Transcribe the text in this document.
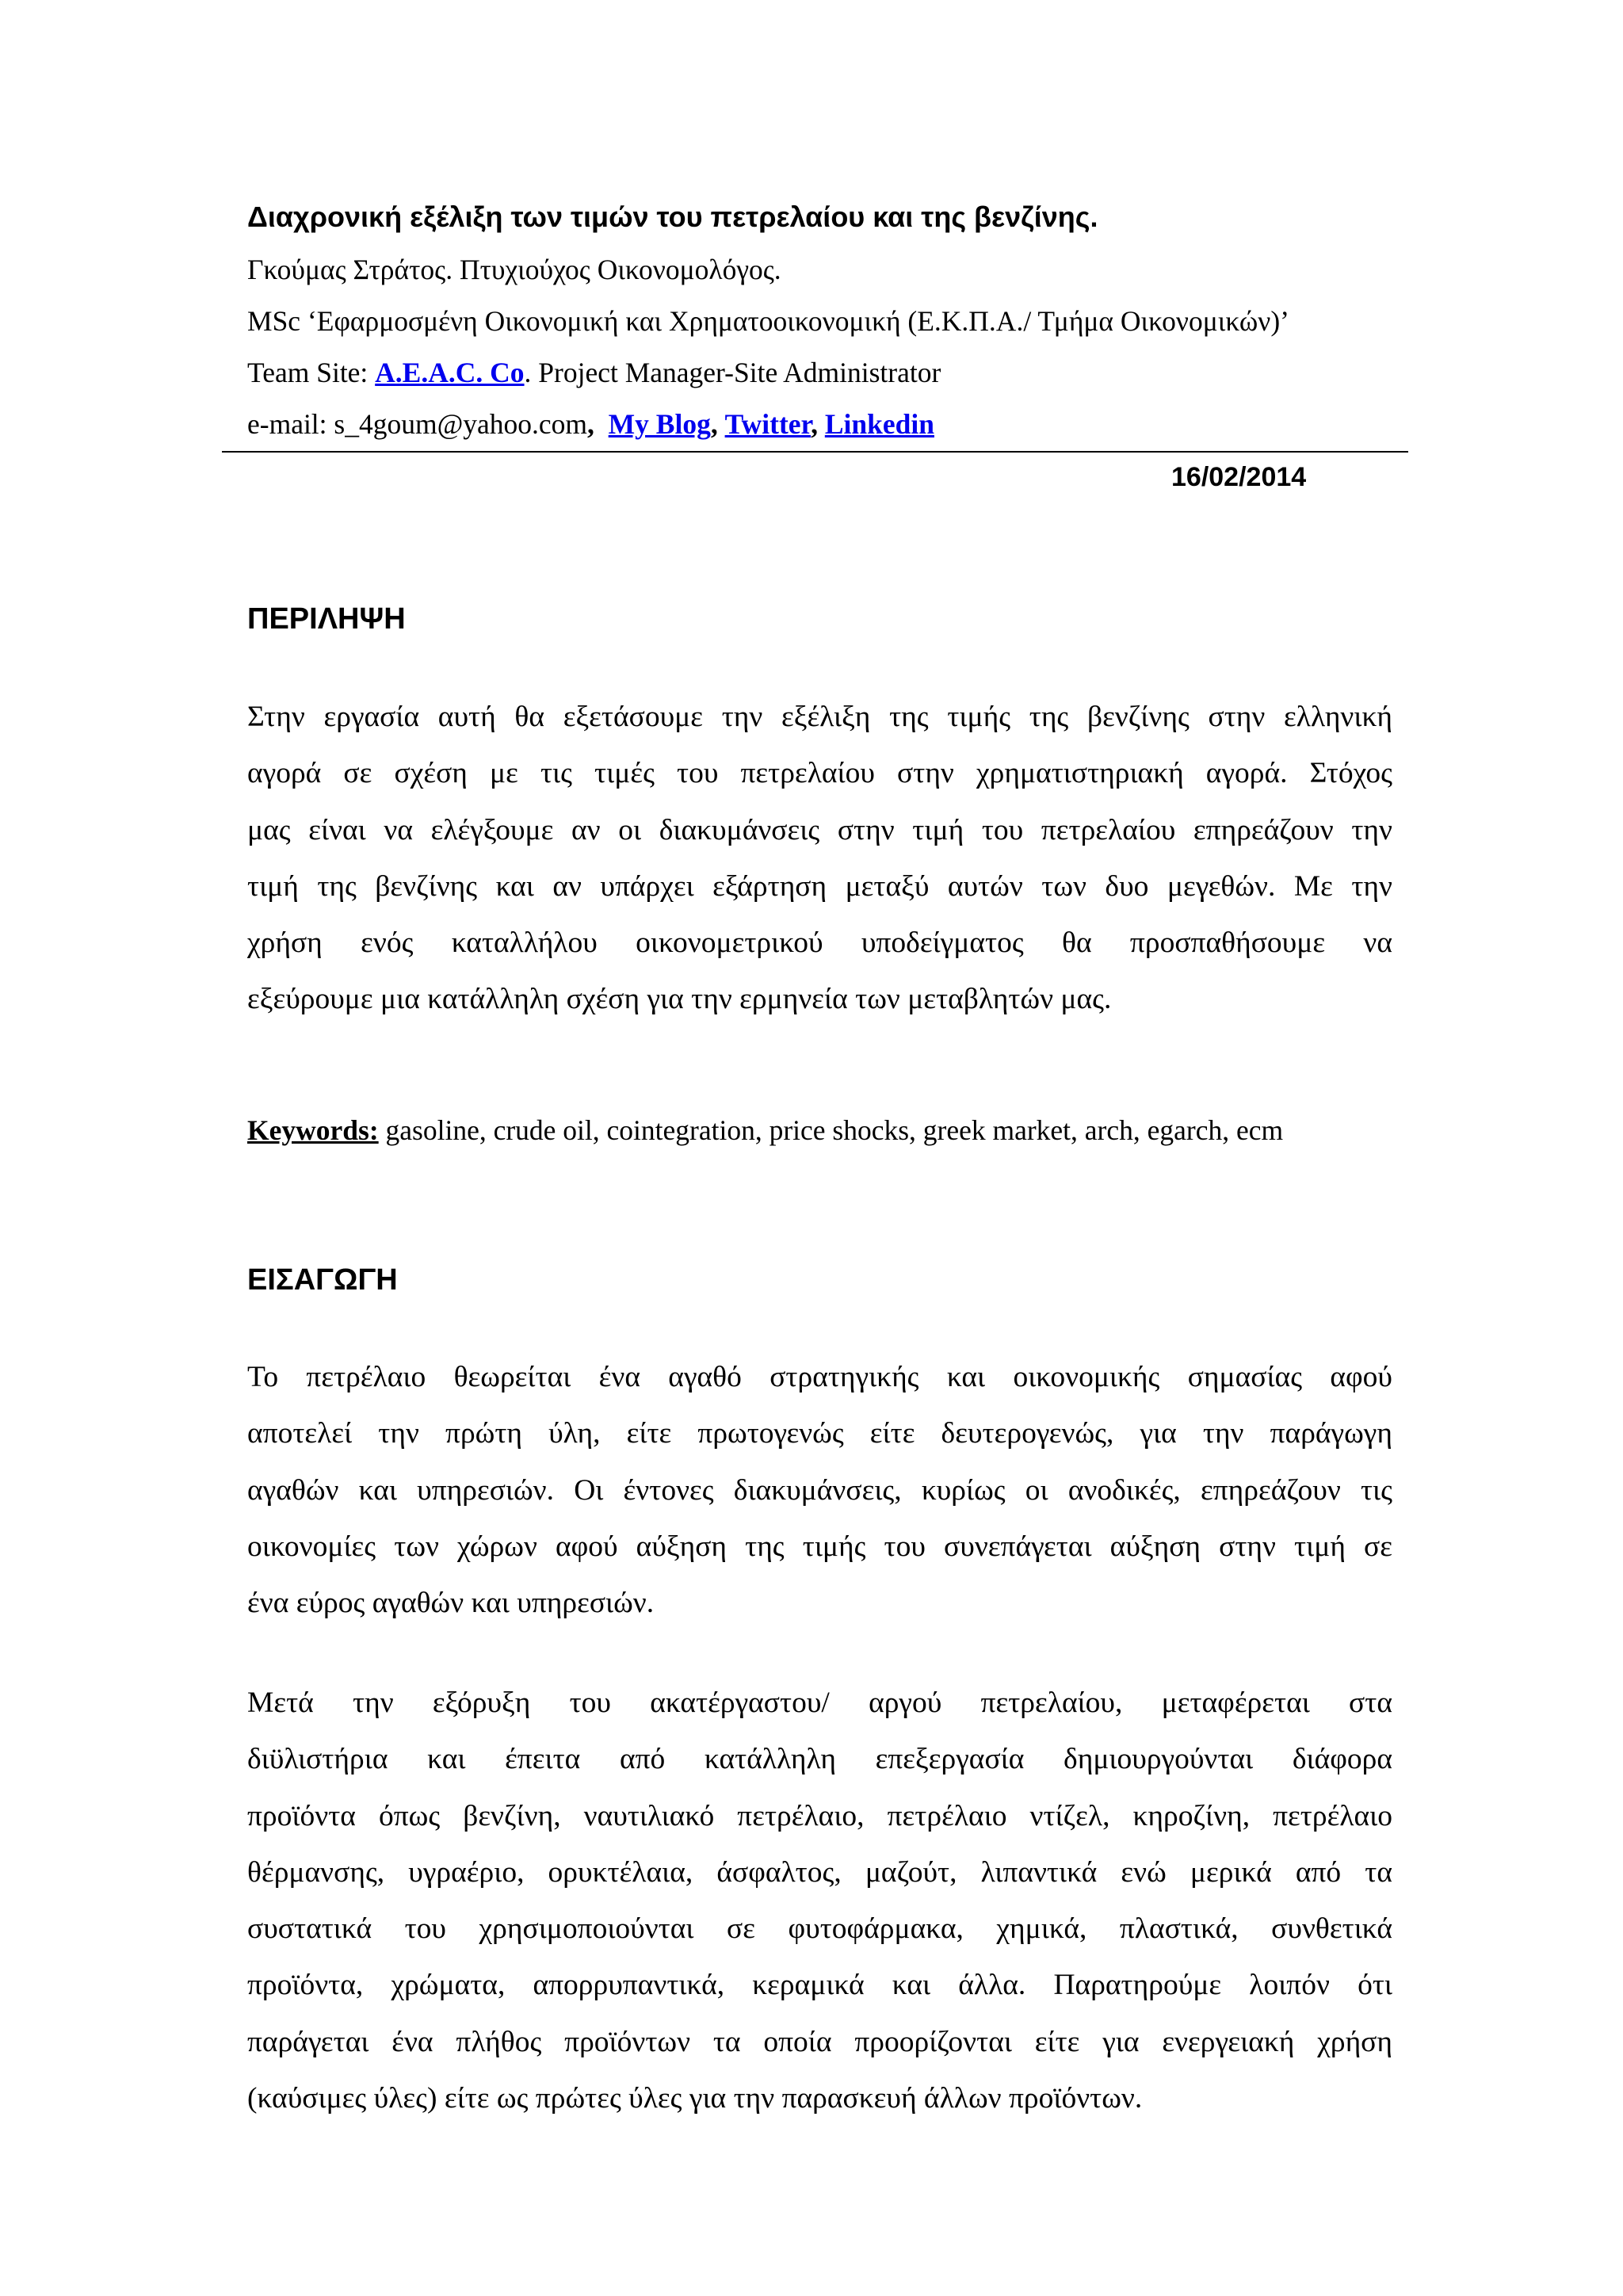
Διαχρονική εξέλιξη των τιμών του πετρελαίου και της βενζίνης.
Γκούμας Στράτος. Πτυχιούχος Οικονομολόγος.
MSc ‘Εφαρμοσμένη Οικονομική και Χρηματοοικονομική (Ε.Κ.Π.Α./ Τμήμα Οικονομικών)’
Team Site: A.E.A.C. Co. Project Manager-Site Administrator
e-mail: s_4goum@yahoo.com, My Blog, Twitter, Linkedin
16/02/2014
ΠΕΡΙΛΗΨΗ
Στην εργασία αυτή θα εξετάσουμε την εξέλιξη της τιμής της βενζίνης στην ελληνική
αγορά σε σχέση με τις τιμές του πετρελαίου στην χρηματιστηριακή αγορά. Στόχος
μας είναι να ελέγξουμε αν οι διακυμάνσεις στην τιμή του πετρελαίου επηρεάζουν την
τιμή της βενζίνης και αν υπάρχει εξάρτηση μεταξύ αυτών των δυο μεγεθών. Με την
χρήση ενός καταλλήλου οικονομετρικού υποδείγματος θα προσπαθήσουμε να
εξεύρουμε μια κατάλληλη σχέση για την ερμηνεία των μεταβλητών μας.
Keywords: gasoline, crude oil, cointegration, price shocks, greek market, arch, egarch, ecm
ΕΙΣΑΓΩΓΗ
Το πετρέλαιο θεωρείται ένα αγαθό στρατηγικής και οικονομικής σημασίας αφού
αποτελεί την πρώτη ύλη, είτε πρωτογενώς είτε δευτερογενώς, για την παράγωγη
αγαθών και υπηρεσιών. Οι έντονες διακυμάνσεις, κυρίως οι ανοδικές, επηρεάζουν τις
οικονομίες των χώρων αφού αύξηση της τιμής του συνεπάγεται αύξηση στην τιμή σε
ένα εύρος αγαθών και υπηρεσιών.
Μετά την εξόρυξη του ακατέργαστου/ αργού πετρελαίου, μεταφέρεται στα
διϋλιστήρια και έπειτα από κατάλληλη επεξεργασία δημιουργούνται διάφορα
προϊόντα όπως βενζίνη, ναυτιλιακό πετρέλαιο, πετρέλαιο ντίζελ, κηροζίνη, πετρέλαιο
θέρμανσης, υγραέριο, ορυκτέλαια, άσφαλτος, μαζούτ, λιπαντικά ενώ μερικά από τα
συστατικά του χρησιμοποιούνται σε φυτοφάρμακα, χημικά, πλαστικά, συνθετικά
προϊόντα, χρώματα, απορρυπαντικά, κεραμικά και άλλα. Παρατηρούμε λοιπόν ότι
παράγεται ένα πλήθος προϊόντων τα οποία προορίζονται είτε για ενεργειακή χρήση
(καύσιμες ύλες) είτε ως πρώτες ύλες για την παρασκευή άλλων προϊόντων.
